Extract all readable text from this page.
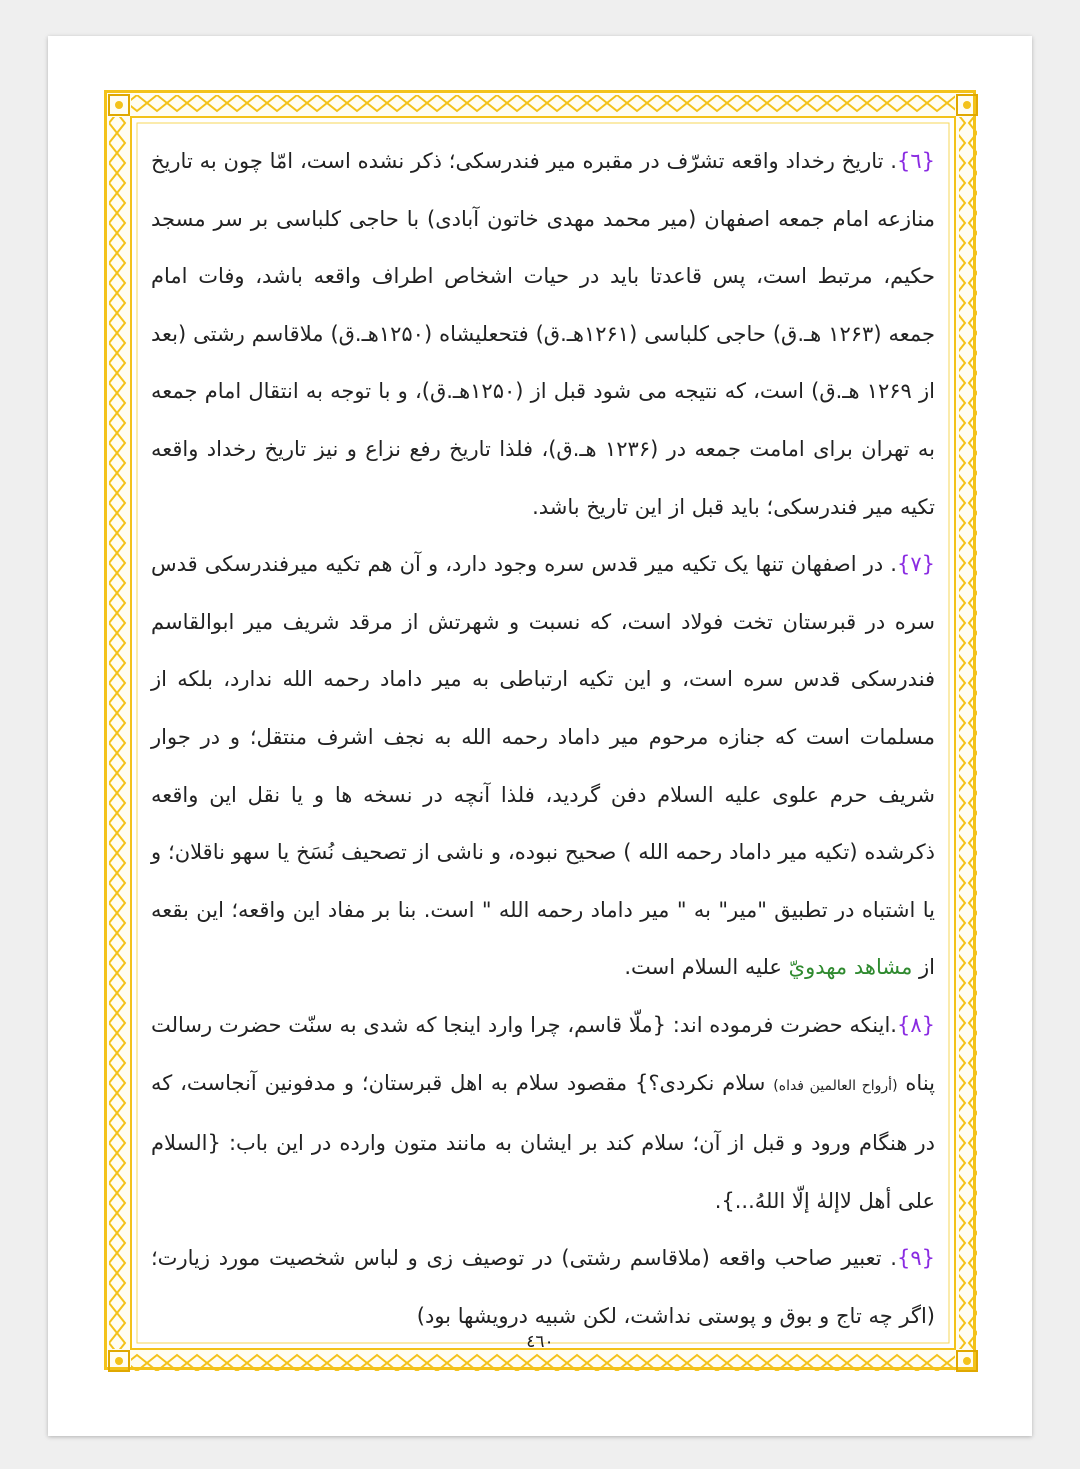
{٦}. تاریخ رخداد واقعه تشرّف در مقبره میر فندرسکی؛ ذکر نشده است، امّا چون به تاریخ منازعه امام جمعه اصفهان (میر محمد مهدی خاتون آبادی) با حاجی کلباسی بر سر مسجد حکیم، مرتبط است، پس قاعدتا باید در حیات اشخاص اطراف واقعه باشد، وفات امام جمعه (۱۲۶۳ هـ.ق) حاجی کلباسی (۱۲۶۱هـ.ق) فتحعلیشاه (۱۲۵۰هـ.ق) ملاقاسم رشتی (بعد از ۱۲۶۹ هـ.ق) است، که نتیجه می شود قبل از (۱۲۵۰هـ.ق)، و با توجه به انتقال امام جمعه به تهران برای امامت جمعه در (۱۲۳۶ هـ.ق)، فلذا تاریخ رفع نزاع و نیز تاریخ رخداد واقعه تکیه میر فندرسکی؛ باید قبل از این تاریخ باشد.

{٧}. در اصفهان تنها یک تکیه میر قدس سره وجود دارد، و آن هم تکیه میرفندرسکی قدس سره در قبرستان تخت فولاد است، که نسبت و شهرتش از مرقد شریف میر ابوالقاسم فندرسکی قدس سره است، و این تکیه ارتباطی به میر داماد رحمه الله ندارد، بلکه از مسلمات است که جنازه مرحوم میر داماد رحمه الله به نجف اشرف منتقل؛ و در جوار شریف حرم علوی علیه السلام دفن گردید، فلذا آنچه در نسخه ها و یا نقل این واقعه ذکرشده (تکیه میر داماد رحمه الله ) صحیح نبوده، و ناشی از تصحیف نُسَخ یا سهو ناقلان؛ و یا اشتباه در تطبیق "میر" به " میر داماد رحمه الله " است. بنا بر مفاد این واقعه؛ این بقعه از مشاهد مهدويّ علیه السلام است.

{٨}.اینکه حضرت فرموده اند: {ملّا قاسم، چرا وارد اینجا که شدی به سنّت حضرت رسالت پناه (أرواح العالمين فداه) سلام نکردی؟} مقصود سلام به اهل قبرستان؛ و مدفونین آنجاست، که در هنگام ورود و قبل از آن؛ سلام کند بر ایشان به مانند متون وارده در این باب: {السلام علی أهل لاإلهٰ إلّا اللهُ...}.

{٩}. تعبیر صاحب واقعه (ملاقاسم رشتی) در توصیف زی و لباس شخصیت مورد زیارت؛ (اگر چه تاج و بوق و پوستی نداشت، لکن شبیه درویشها بود)

٤٦٠
